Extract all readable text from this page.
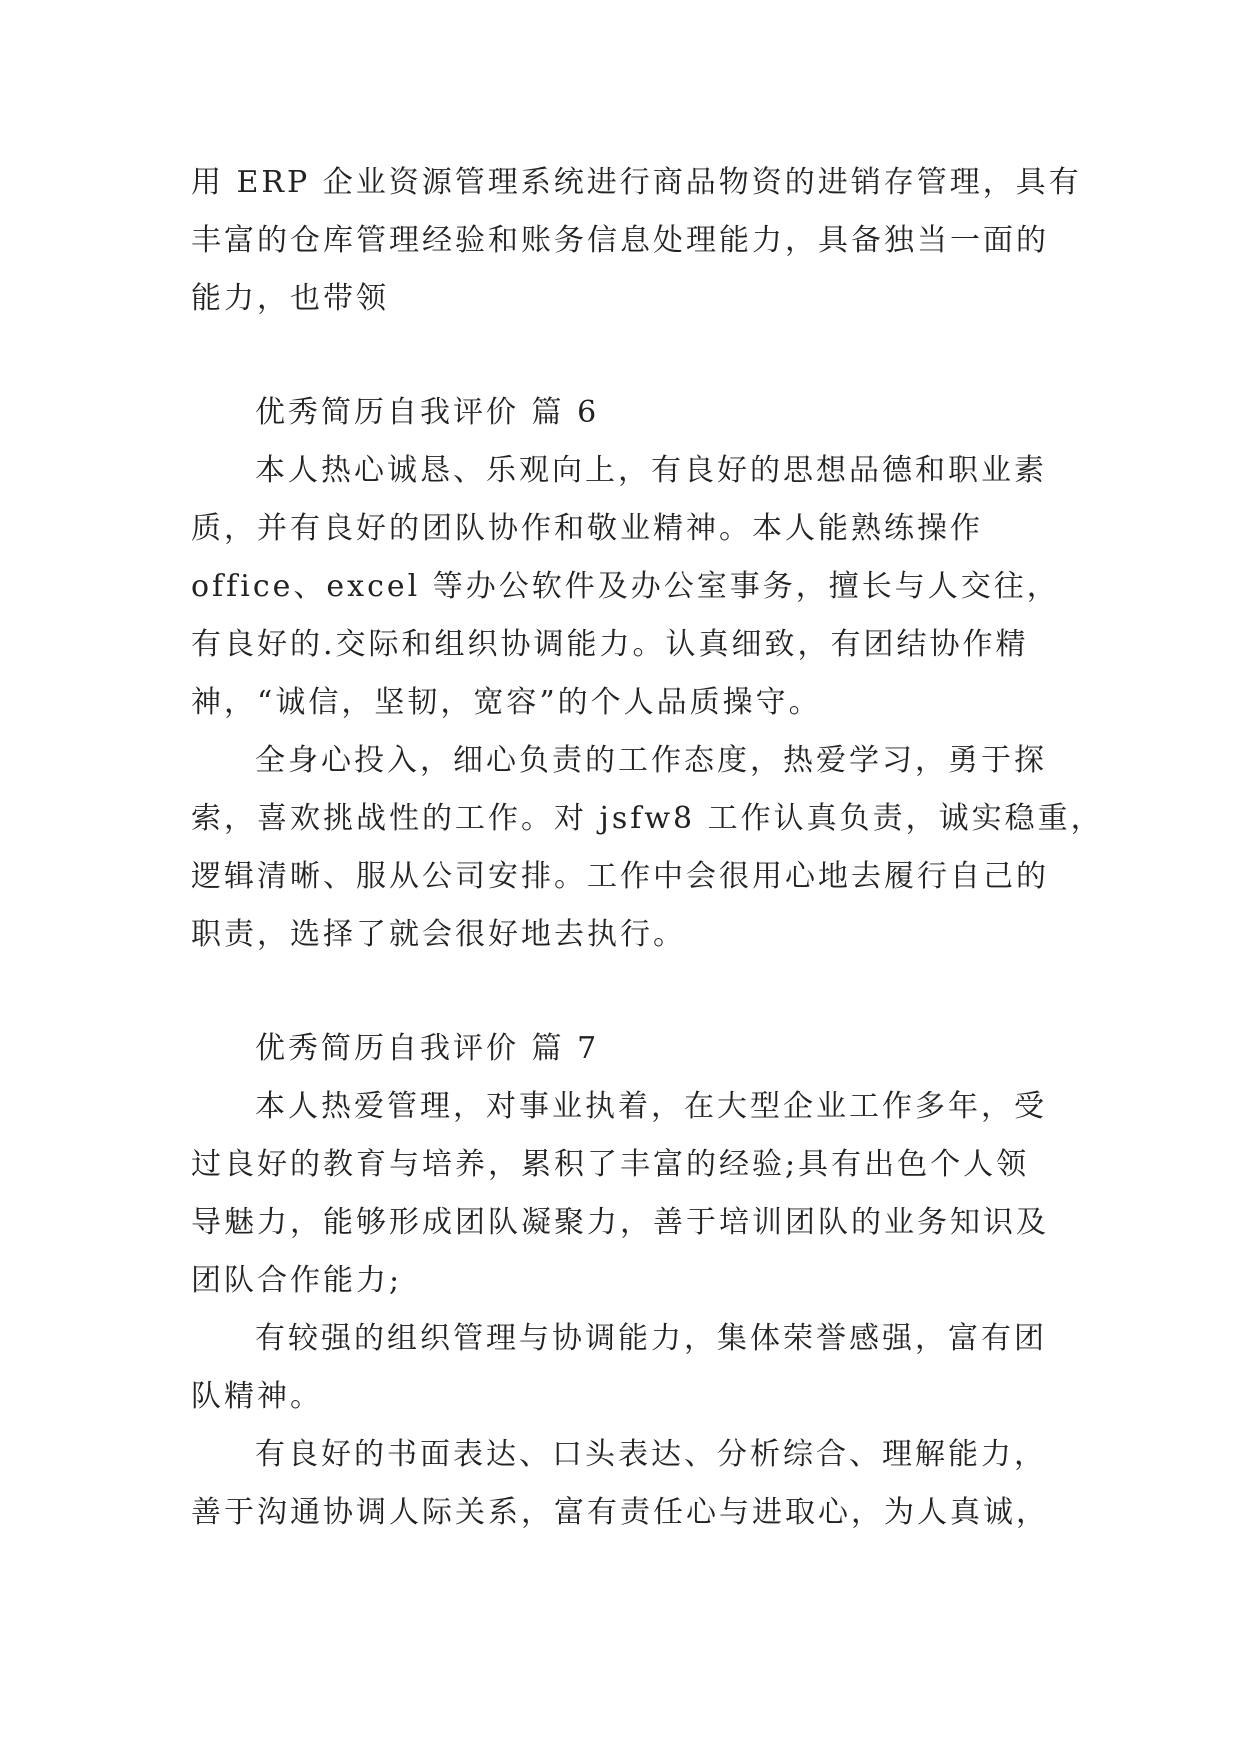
用 ERP 企业资源管理系统进行商品物资的进销存管理，具有
丰富的仓库管理经验和账务信息处理能力，具备独当一面的
能力，也带领
优秀简历自我评价 篇 6
本人热心诚恳、乐观向上，有良好的思想品德和职业素
质，并有良好的团队协作和敬业精神。本人能熟练操作
office、excel 等办公软件及办公室事务，擅长与人交往，
有良好的.交际和组织协调能力。认真细致，有团结协作精
神，“诚信，坚韧，宽容”的个人品质操守。
全身心投入，细心负责的工作态度，热爱学习，勇于探
索，喜欢挑战性的工作。对 jsfw8 工作认真负责，诚实稳重，
逻辑清晰、服从公司安排。工作中会很用心地去履行自己的
职责，选择了就会很好地去执行。
优秀简历自我评价 篇 7
本人热爱管理，对事业执着，在大型企业工作多年，受
过良好的教育与培养，累积了丰富的经验;具有出色个人领
导魅力，能够形成团队凝聚力，善于培训团队的业务知识及
团队合作能力;
有较强的组织管理与协调能力，集体荣誉感强，富有团
队精神。
有良好的书面表达、口头表达、分析综合、理解能力，
善于沟通协调人际关系，富有责任心与进取心，为人真诚，
